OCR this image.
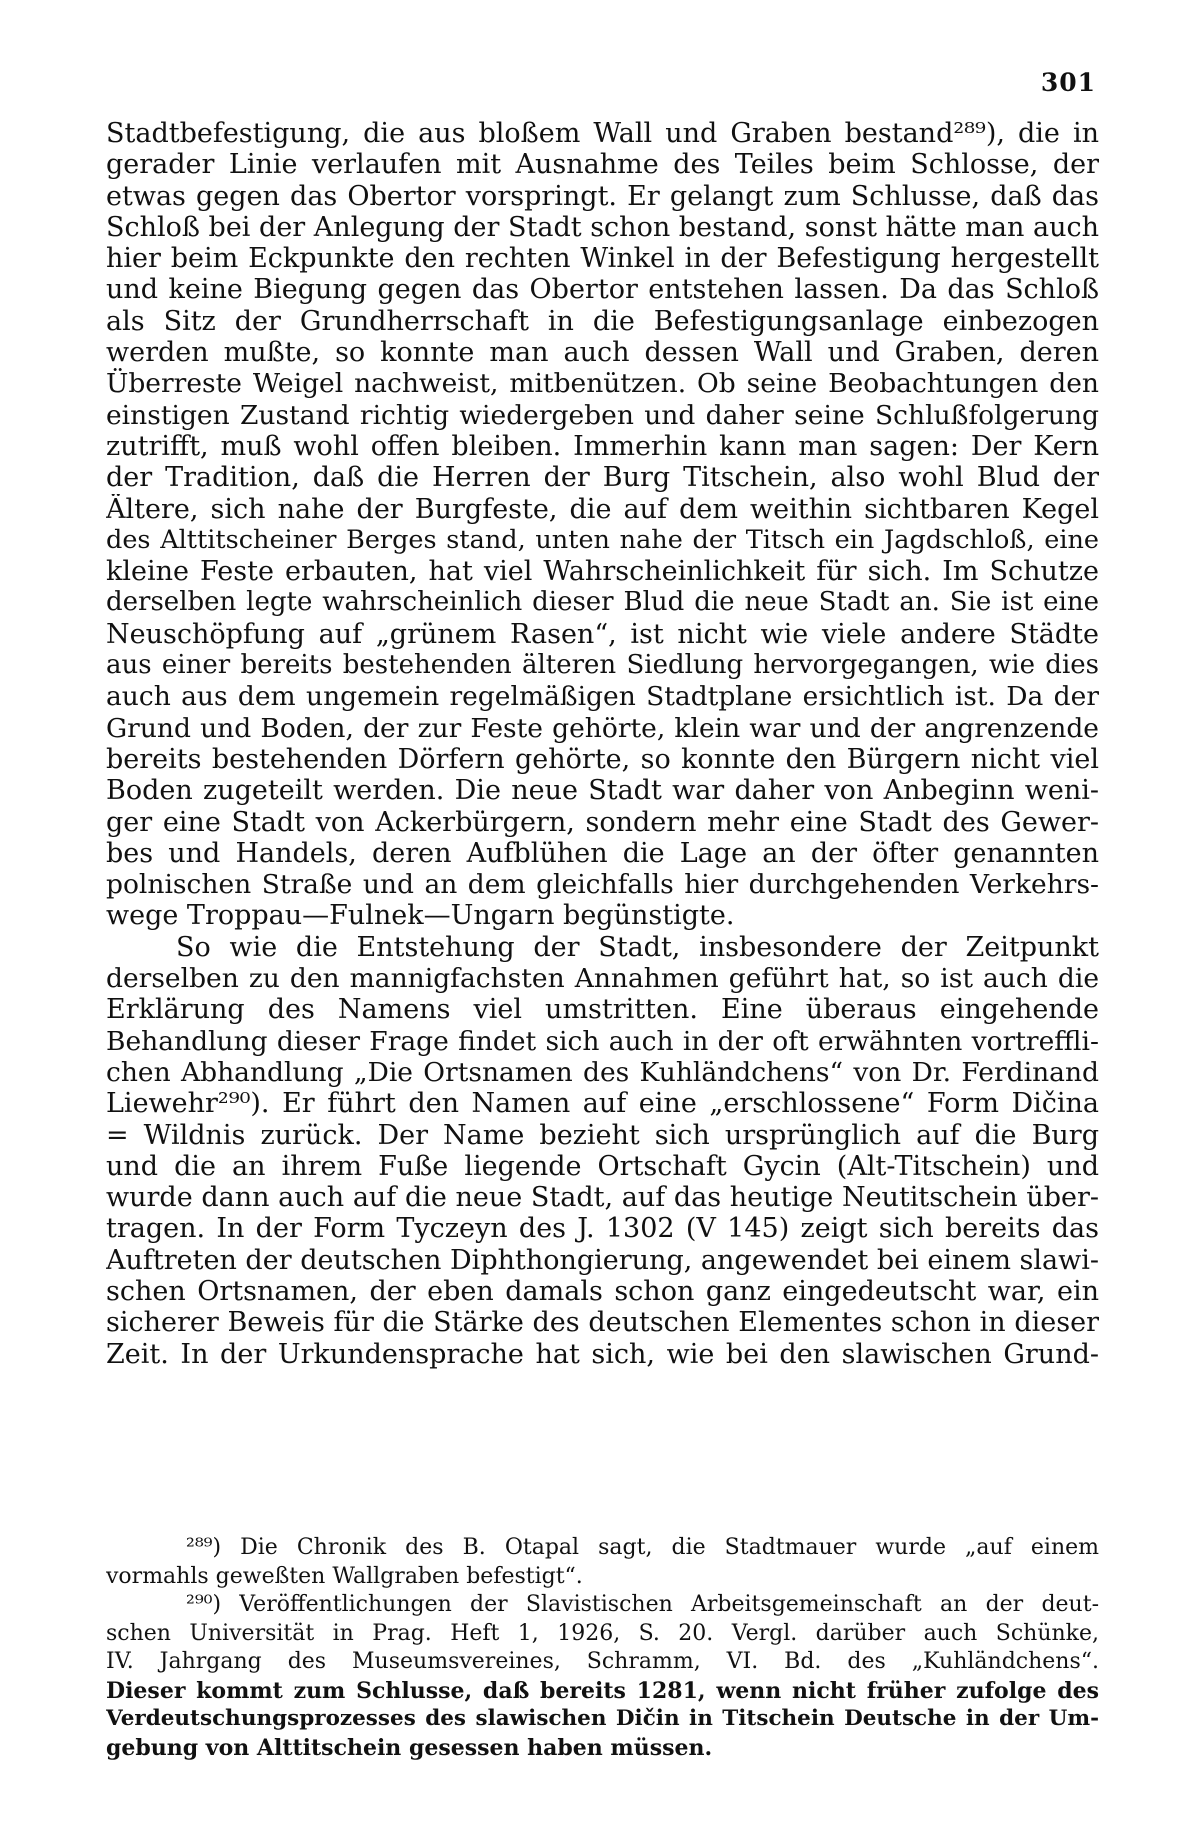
301
Stadtbefestigung, die aus bloßem Wall und Graben bestand²⁸⁹), die in
gerader Linie verlaufen mit Ausnahme des Teiles beim Schlosse, der
etwas gegen das Obertor vorspringt. Er gelangt zum Schlusse, daß das
Schloß bei der Anlegung der Stadt schon bestand, sonst hätte man auch
hier beim Eckpunkte den rechten Winkel in der Befestigung hergestellt
und keine Biegung gegen das Obertor entstehen lassen. Da das Schloß
als Sitz der Grundherrschaft in die Befestigungsanlage einbezogen
werden mußte, so konnte man auch dessen Wall und Graben, deren
Überreste Weigel nachweist, mitbenützen. Ob seine Beobachtungen den
einstigen Zustand richtig wiedergeben und daher seine Schlußfolgerung
zutrifft, muß wohl offen bleiben. Immerhin kann man sagen: Der Kern
der Tradition, daß die Herren der Burg Titschein, also wohl Blud der
Ältere, sich nahe der Burgfeste, die auf dem weithin sichtbaren Kegel
des Alttitscheiner Berges stand, unten nahe der Titsch ein Jagdschloß, eine
kleine Feste erbauten, hat viel Wahrscheinlichkeit für sich. Im Schutze
derselben legte wahrscheinlich dieser Blud die neue Stadt an. Sie ist eine
Neuschöpfung auf „grünem Rasen“, ist nicht wie viele andere Städte
aus einer bereits bestehenden älteren Siedlung hervorgegangen, wie dies
auch aus dem ungemein regelmäßigen Stadtplane ersichtlich ist. Da der
Grund und Boden, der zur Feste gehörte, klein war und der angrenzende
bereits bestehenden Dörfern gehörte, so konnte den Bürgern nicht viel
Boden zugeteilt werden. Die neue Stadt war daher von Anbeginn weni-
ger eine Stadt von Ackerbürgern, sondern mehr eine Stadt des Gewer-
bes und Handels, deren Aufblühen die Lage an der öfter genannten
polnischen Straße und an dem gleichfalls hier durchgehenden Verkehrs-
wege Troppau—Fulnek—Ungarn begünstigte.
So wie die Entstehung der Stadt, insbesondere der Zeitpunkt
derselben zu den mannigfachsten Annahmen geführt hat, so ist auch die
Erklärung des Namens viel umstritten. Eine überaus eingehende
Behandlung dieser Frage findet sich auch in der oft erwähnten vortreffli-
chen Abhandlung „Die Ortsnamen des Kuhländchens“ von Dr. Ferdinand
Liewehr²⁹⁰). Er führt den Namen auf eine „erschlossene“ Form Dičina
= Wildnis zurück. Der Name bezieht sich ursprünglich auf die Burg
und die an ihrem Fuße liegende Ortschaft Gycin (Alt-Titschein) und
wurde dann auch auf die neue Stadt, auf das heutige Neutitschein über-
tragen. In der Form Tyczeyn des J. 1302 (V 145) zeigt sich bereits das
Auftreten der deutschen Diphthongierung, angewendet bei einem slawi-
schen Ortsnamen, der eben damals schon ganz eingedeutscht war, ein
sicherer Beweis für die Stärke des deutschen Elementes schon in dieser
Zeit. In der Urkundensprache hat sich, wie bei den slawischen Grund-
²⁸⁹) Die Chronik des B. Otapal sagt, die Stadtmauer wurde „auf einem
vormahls geweßten Wallgraben befestigt“.
²⁹⁰) Veröffentlichungen der Slavistischen Arbeitsgemeinschaft an der deut-
schen Universität in Prag. Heft 1, 1926, S. 20. Vergl. darüber auch Schünke,
IV. Jahrgang des Museumsvereines, Schramm, VI. Bd. des „Kuhländchens“.
Dieser kommt zum Schlusse, daß bereits 1281, wenn nicht früher zufolge des
Verdeutschungsprozesses des slawischen Dičin in Titschein Deutsche in der Um-
gebung von Alttitschein gesessen haben müssen.
